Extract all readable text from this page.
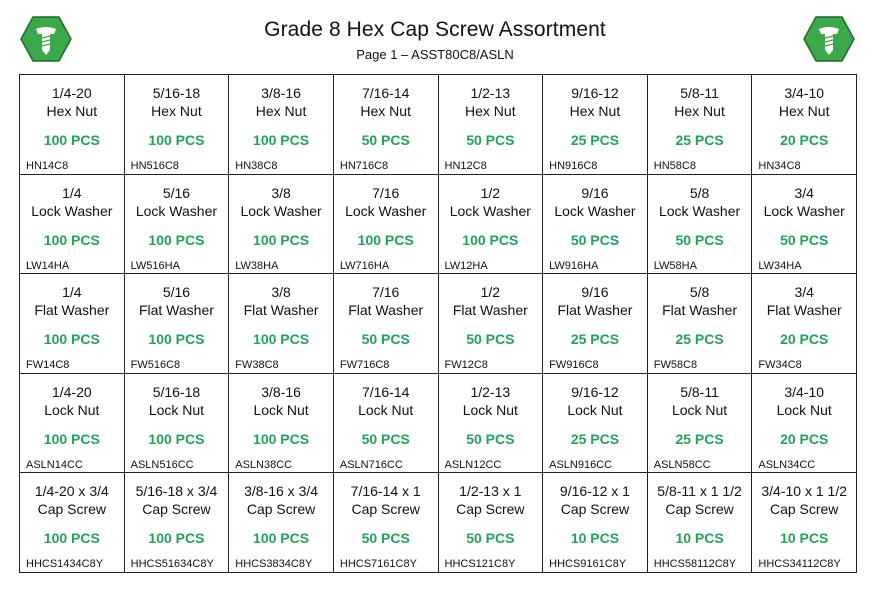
Grade 8 Hex Cap Screw Assortment
Page 1 – ASST80C8/ASLN
1/4-20
Hex Nut
100 PCS
HN14C8
5/16-18
Hex Nut
100 PCS
HN516C8
3/8-16
Hex Nut
100 PCS
HN38C8
7/16-14
Hex Nut
50 PCS
HN716C8
1/2-13
Hex Nut
50 PCS
HN12C8
9/16-12
Hex Nut
25 PCS
HN916C8
5/8-11
Hex Nut
25 PCS
HN58C8
3/4-10
Hex Nut
20 PCS
HN34C8
1/4
Lock Washer
100 PCS
LW14HA
5/16
Lock Washer
100 PCS
LW516HA
3/8
Lock Washer
100 PCS
LW38HA
7/16
Lock Washer
100 PCS
LW716HA
1/2
Lock Washer
100 PCS
LW12HA
9/16
Lock Washer
50 PCS
LW916HA
5/8
Lock Washer
50 PCS
LW58HA
3/4
Lock Washer
50 PCS
LW34HA
1/4
Flat Washer
100 PCS
FW14C8
5/16
Flat Washer
100 PCS
FW516C8
3/8
Flat Washer
100 PCS
FW38C8
7/16
Flat Washer
50 PCS
FW716C8
1/2
Flat Washer
50 PCS
FW12C8
9/16
Flat Washer
25 PCS
FW916C8
5/8
Flat Washer
25 PCS
FW58C8
3/4
Flat Washer
20 PCS
FW34C8
1/4-20
Lock Nut
100 PCS
ASLN14CC
5/16-18
Lock Nut
100 PCS
ASLN516CC
3/8-16
Lock Nut
100 PCS
ASLN38CC
7/16-14
Lock Nut
50 PCS
ASLN716CC
1/2-13
Lock Nut
50 PCS
ASLN12CC
9/16-12
Lock Nut
25 PCS
ASLN916CC
5/8-11
Lock Nut
25 PCS
ASLN58CC
3/4-10
Lock Nut
20 PCS
ASLN34CC
1/4-20 x 3/4
Cap Screw
100 PCS
HHCS1434C8Y
5/16-18 x 3/4
Cap Screw
100 PCS
HHCS51634C8Y
3/8-16 x 3/4
Cap Screw
100 PCS
HHCS3834C8Y
7/16-14 x 1
Cap Screw
50 PCS
HHCS7161C8Y
1/2-13 x 1
Cap Screw
50 PCS
HHCS121C8Y
9/16-12 x 1
Cap Screw
10 PCS
HHCS9161C8Y
5/8-11 x 1 1/2
Cap Screw
10 PCS
HHCS58112C8Y
3/4-10 x 1 1/2
Cap Screw
10 PCS
HHCS34112C8Y
